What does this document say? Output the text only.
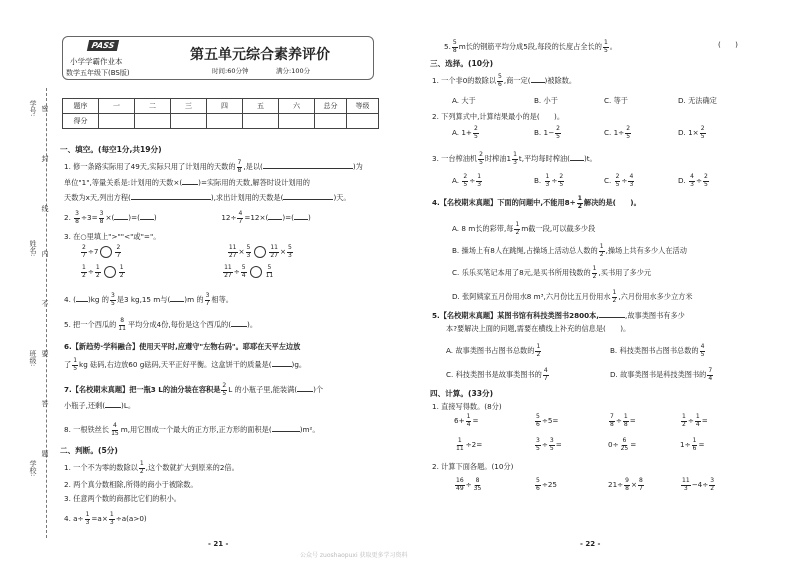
PASS
小学学霸作业本
数学五年级下(BS版)
第五单元综合素养评价
时间:60分钟	满分:100分
题序	一	二	三	四	五	六	总分	等级
得分								
学号:
姓名:
班级:
学校:
密
封
线
内
不
要
答
题
一、填空。(每空1分,共19分)
1. 修一条路实际用了49天,实际只用了计划用的天数的 $\frac{7}{8}$ ,是以(	)为
单位"1",等量关系是:计划用的天数×( )=实际用的天数,解答时设计划用的
天数为x天,列出方程(	),求出计划用的天数是(	)天。
2. $\frac{3}{8} \div 3= \frac{3}{8}$ ×( )=( )	$12\div \frac{4}{7} =12\times$( )=( )
3. 在○里填上">""<"或"="。
$\frac{2}{7} \div 7$	$\frac{2}{7}$
	$\frac{11}{27} \times \frac{5}{3}$	$\frac{11}{27} \times \frac{5}{3}$
$\frac{1}{2} \div \frac{1}{2}$	$\frac{1}{2}$
	$\frac{11}{27} \div \frac{5}{4}$	$\frac{5}{11}$
4. ( )kg 的 $\frac{3}{5}$ 是3 kg,15 m与( )m 的 $\frac{3}{7}$ 相等。
5. 把一个西瓜的 $\frac{8}{11}$ 平均分成4份,每份是这个西瓜的( )。
6.【新趋势·学科融合】使用天平时,应遵守"左物右码"。耶耶在天平左边放
了 $\frac{1}{5}$ kg 砝码,右边放60 g砝码,天平正好平衡。这盒饼干的质量是(	)g。
7.【名校期末真题】把一瓶3 L的油分装在容积是 $\frac{2}{5}$ L 的小瓶子里,能装满( )个
小瓶子,还剩( )L。
8. 一根铁丝长 $\frac{4}{15} m$,用它围成一个最大的正方形,正方形的面积是(	)m²。
二、判断。(5分)
1. 一个不为零的数除以 $\frac{1}{2}$ ,这个数就扩大到原来的2倍。
2. 两个真分数相除,所得的商小于被除数。
3. 任意两个数的商都比它们的积小。
4. $a\div \frac{1}{3} =a\times \frac{1}{3} \div a(a>0)$
- 21 -
5. $\frac{5}{8}$ m长的钢筋平均分成5段,每段的长度占全长的 $\frac{1}{5}$ 。	(　　)
三、选择。(10分)
1. 一个非0的数除以 $\frac{5}{6}$ ,商一定( )被除数。
A. 大于	B. 小于	C. 等于	D. 无法确定
2. 下列算式中,计算结果最小的是(　　)。
A. $1+ \frac{2}{5}$	B. $1- \frac{2}{5}$	C. $1\div \frac{2}{5}$	D. $1\times \frac{2}{5}$
3. 一台榨油机 $\frac{2}{5}$ 时榨油$1 \frac{1}{3} t$,平均每时榨油( )t。
A. $\frac{2}{5} \div \frac{1}{3}$	B. $\frac{1}{3} \div \frac{2}{5}$	C. $\frac{2}{5} \div \frac{4}{3}$	D. $\frac{4}{3} \div \frac{2}{5}$
4.【名校期末真题】下面的问题中,不能用$8\div \frac{1}{2}$ 解决的是(　　)。
A. 8 m长的彩带,每 $\frac{1}{2}$ m截一段,可以截多少段
B. 操场上有8人在跳绳,占操场上活动总人数的 $\frac{1}{2}$ ,操场上共有多少人在活动
C. 乐乐买笔记本用了8元,是买书所用钱数的 $\frac{1}{2}$ ,买书用了多少元
D. 张阿姨家五月份用水8 m³,六月份比五月份用水 $\frac{1}{2}$ ,六月份用水多少立方米
5.【名校期末真题】某图书馆有科技类图书2800本,	,故事类图书有多少
本?要解决上面的问题,需要在横线上补充的信息是(　　)。
A. 故事类图书占图书总数的 $\frac{1}{2}$	B. 科技类图书占图书总数的 $\frac{4}{5}$
C. 科技类图书是故事类图书的 $\frac{4}{7}$	D. 故事类图书是科技类图书的 $\frac{7}{4}$
四、计算。(33分)
1. 直接写得数。(8分)
$6+ \frac{1}{4}$ =	$\frac{5}{6} \div 5=$	$\frac{7}{8} \div \frac{1}{8}$ =	$\frac{1}{2} \div \frac{1}{4}$ =
$\frac{1}{11} \div 2=$	$\frac{3}{5} \div \frac{3}{5}$ =	$0\div \frac{6}{25}$ =	$1\div \frac{1}{6}$ =
2. 计算下面各题。(10分)
$\frac{16}{49} \div \frac{8}{35}$	$\frac{5}{6} \div 25$	$21\div \frac{9}{8} \times \frac{8}{7}$	$\frac{11}{3} -4\div \frac{3}{2}$
- 22 -
公众号 zuoshaopuxi 获取更多学习资料
